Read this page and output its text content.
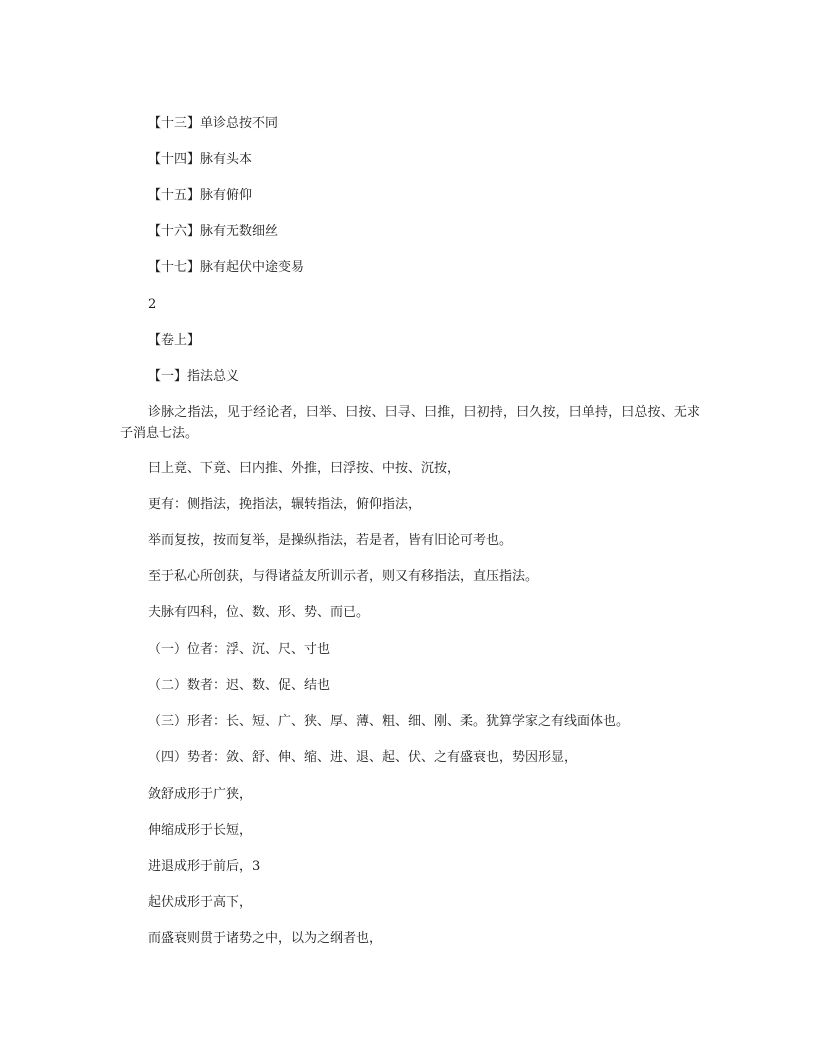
【十三】单诊总按不同
【十四】脉有头本
【十五】脉有俯仰
【十六】脉有无数细丝
【十七】脉有起伏中途变易
2
【卷上】
【一】指法总义
诊脉之指法，见于经论者，曰举、曰按、曰寻、曰推，曰初持，曰久按，曰单持，曰总按、无求子消息七法。
曰上竟、下竟、曰内推、外推，曰浮按、中按、沉按，
更有：侧指法，挽指法，辗转指法，俯仰指法，
举而复按，按而复举，是操纵指法，若是者，皆有旧论可考也。
至于私心所创获，与得诸益友所训示者，则又有移指法，直压指法。
夫脉有四科，位、数、形、势、而已。
（一）位者：浮、沉、尺、寸也
（二）数者：迟、数、促、结也
（三）形者：长、短、广、狭、厚、薄、粗、细、刚、柔。犹算学家之有线面体也。
（四）势者：敛、舒、伸、缩、进、退、起、伏、之有盛衰也，势因形显，
敛舒成形于广狭，
伸缩成形于长短，
进退成形于前后，3
起伏成形于高下，
而盛衰则贯于诸势之中，以为之纲者也，
